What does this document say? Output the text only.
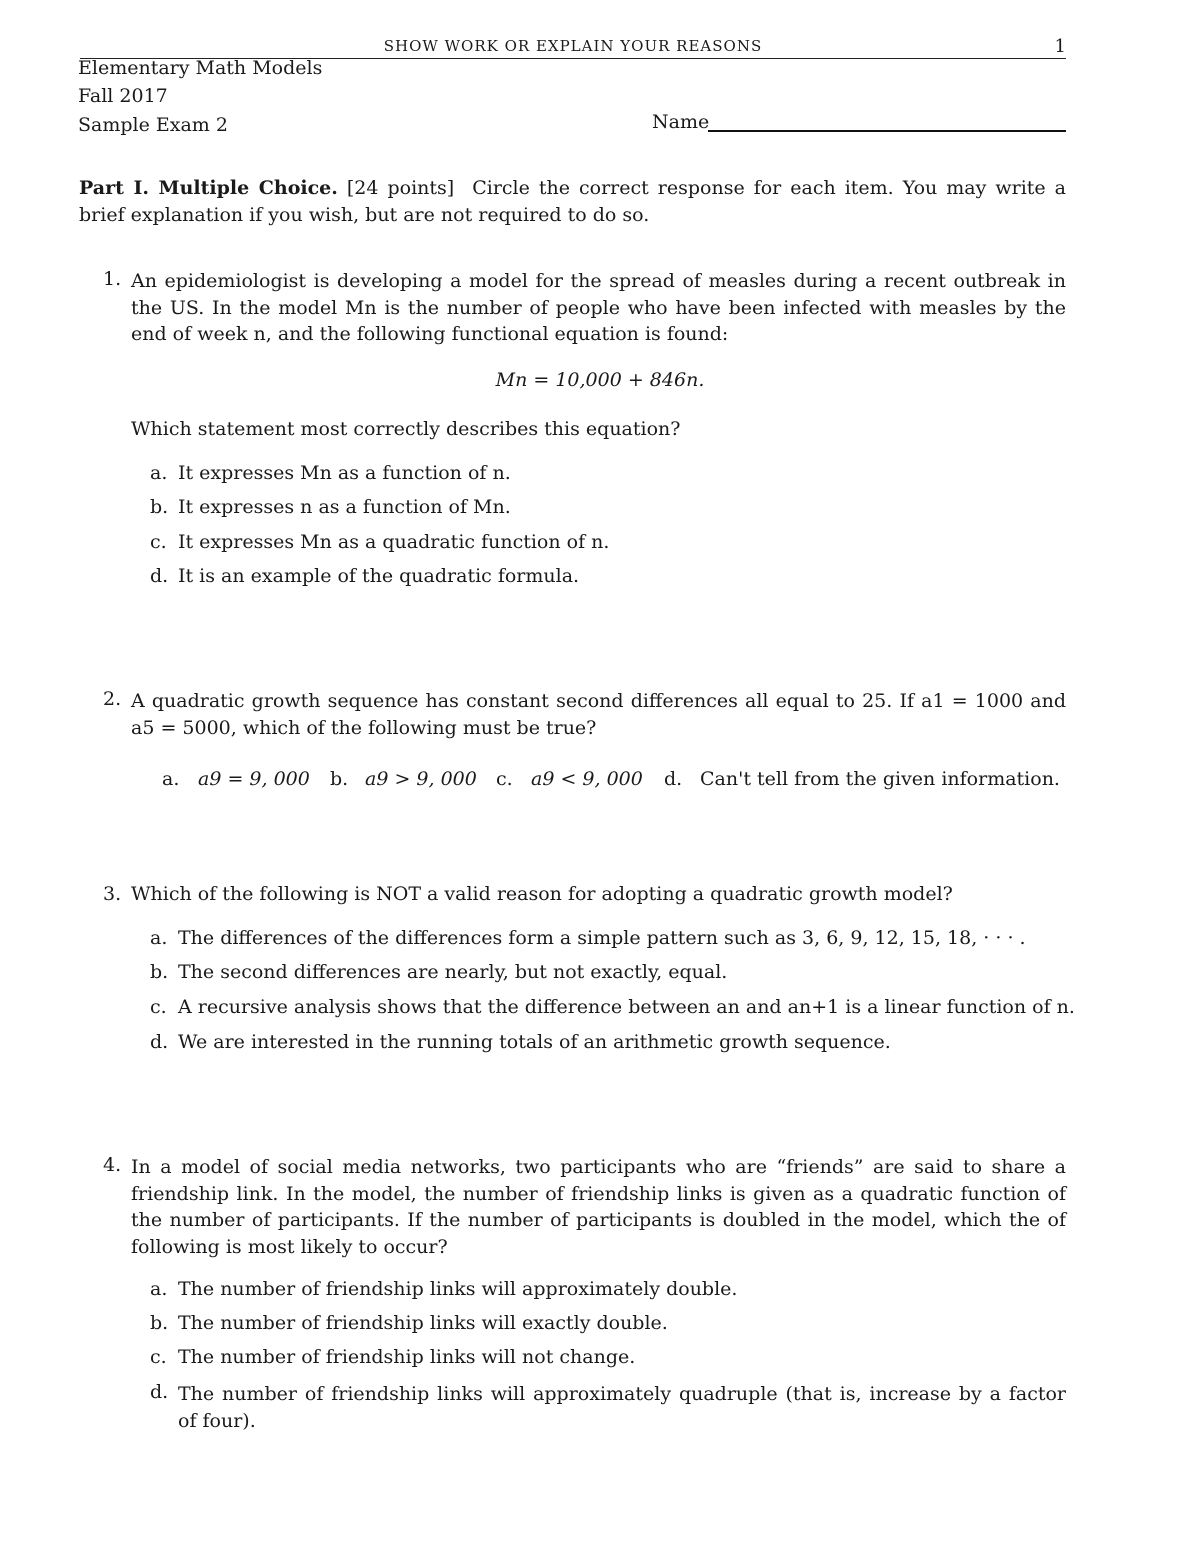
SHOW WORK OR EXPLAIN YOUR REASONS	1
Elementary Math Models
Fall 2017
Sample Exam 2	Name
Part I. Multiple Choice. [24 points] Circle the correct response for each item. You may write a brief explanation if you wish, but are not required to do so.
1. An epidemiologist is developing a model for the spread of measles during a recent outbreak in the US. In the model Mn is the number of people who have been infected with measles by the end of week n, and the following functional equation is found:
Mn = 10,000 + 846n.
Which statement most correctly describes this equation?
a. It expresses Mn as a function of n.
b. It expresses n as a function of Mn.
c. It expresses Mn as a quadratic function of n.
d. It is an example of the quadratic formula.
2. A quadratic growth sequence has constant second differences all equal to 25. If a1 = 1000 and a5 = 5000, which of the following must be true?
a. a9 = 9, 000 b. a9 > 9, 000 c. a9 < 9, 000 d. Can't tell from the given information.
3. Which of the following is NOT a valid reason for adopting a quadratic growth model?
a. The differences of the differences form a simple pattern such as 3, 6, 9, 12, 15, 18, · · · .
b. The second differences are nearly, but not exactly, equal.
c. A recursive analysis shows that the difference between an and an+1 is a linear function of n.
d. We are interested in the running totals of an arithmetic growth sequence.
4. In a model of social media networks, two participants who are “friends” are said to share a friendship link. In the model, the number of friendship links is given as a quadratic function of the number of participants. If the number of participants is doubled in the model, which the of following is most likely to occur?
a. The number of friendship links will approximately double.
b. The number of friendship links will exactly double.
c. The number of friendship links will not change.
d. The number of friendship links will approximately quadruple (that is, increase by a factor of four).
